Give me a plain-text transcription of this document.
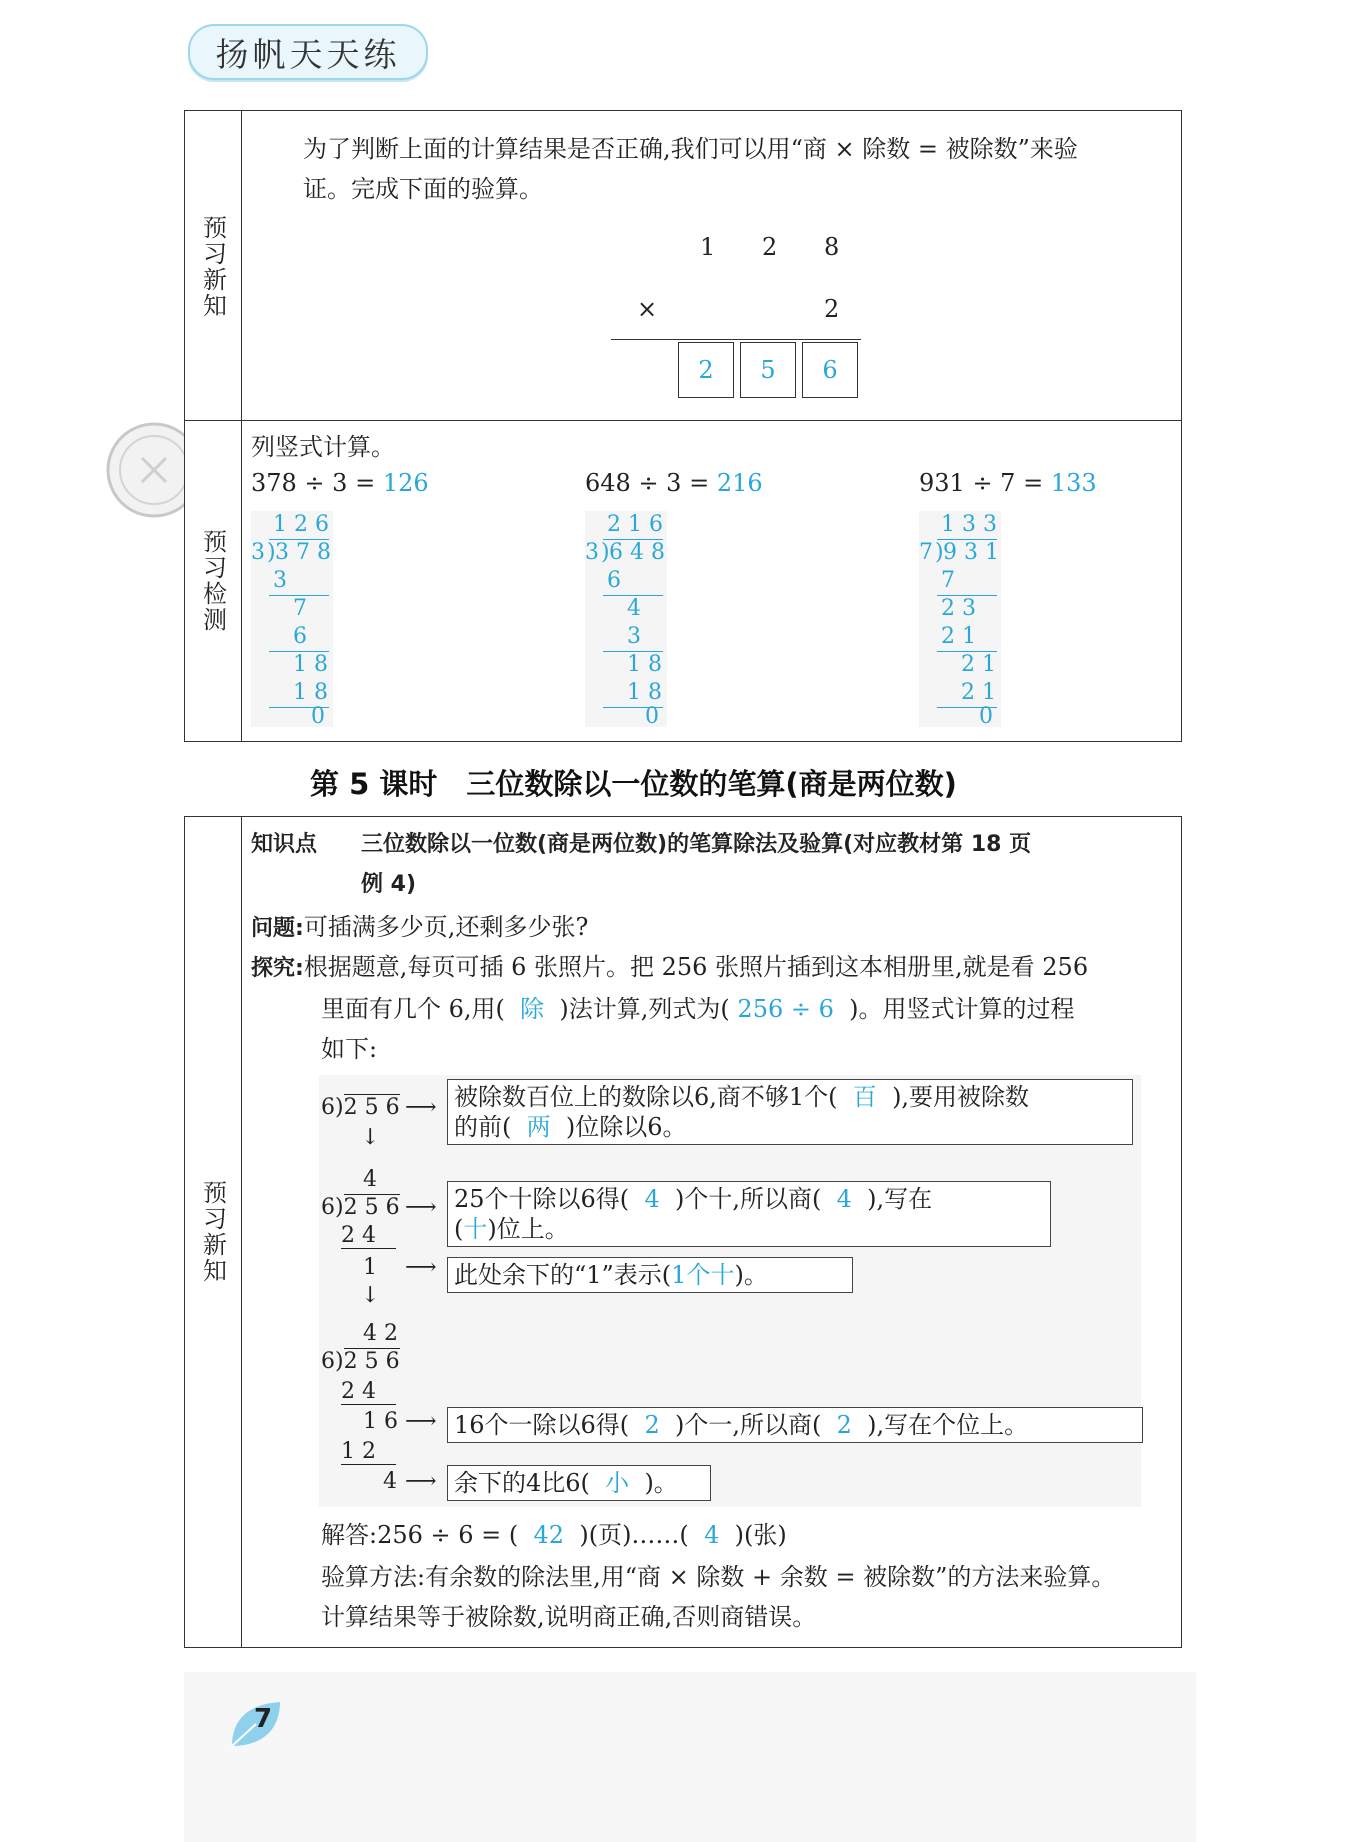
扬帆天天练
预习新知
为了判断上面的计算结果是否正确,我们可以用“商 × 除数 = 被除数”来验
证。完成下面的验算。
1 2 8
×	2
2	5	6
预习检测
列竖式计算。
378 ÷ 3 = 126
1 2 6
3 ) 3 7 8
3
7
6
1 8
1 8
0
648 ÷ 3 = 216
2 1 6
3 ) 6 4 8
6
4
3
1 8
1 8
0
931 ÷ 7 = 133
1 3 3
7 ) 9 3 1
7
2 3
2 1
2 1
2 1
0
第 5 课时　三位数除以一位数的笔算(商是两位数)
预习新知
知识点 三位数除以一位数(商是两位数)的笔算除法及验算(对应教材第 18 页
例 4)
问题:可插满多少页,还剩多少张?
探究:根据题意,每页可插 6 张照片。把 256 张照片插到这本相册里,就是看 256
里面有几个 6,用( 除 )法计算,列式为( 256 ÷ 6 )。用竖式计算的过程
如下:
6)2 5 6 ⟶ 被除数百位上的数除以6,商不够1个( 百 ),要用被除数
的前( 两 )位除以6。
↓
4
6)2 5 6 ⟶
2 4
25个十除以6得( 4 )个十,所以商( 4 ),写在
(十)位上。
1 ⟶ 此处余下的“1”表示(1个十)。
↓
4 2
6)2 5 6
2 4
1 6 ⟶ 16个一除以6得( 2 )个一,所以商( 2 ),写在个位上。
1 2
4 ⟶ 余下的4比6( 小 )。
解答:256 ÷ 6 = ( 42 )(页)……( 4 )(张)
验算方法:有余数的除法里,用“商 × 除数 + 余数 = 被除数”的方法来验算。
计算结果等于被除数,说明商正确,否则商错误。
7
